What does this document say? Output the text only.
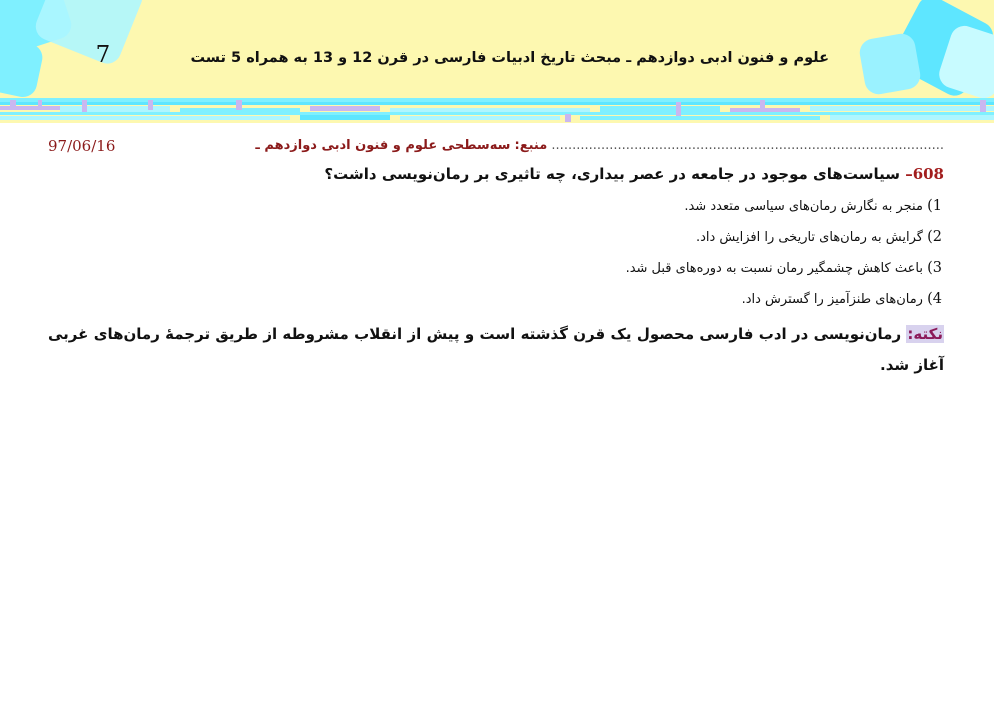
7	علوم و فنون ادبی دوازدهم ـ مبحث تاریخ ادبیات فارسی در قرن 12 و 13 به همراه 5 تست
............................................................................................... منبع: سه‌سطحی علوم و فنون ادبی دوازدهم ـ
97/06/16
608– سیاست‌های موجود در جامعه در عصر بیداری، چه تاثیری بر رمان‌نویسی داشت؟
1) منجر به نگارش رمان‌های سیاسی متعدد شد.
2) گرایش به رمان‌های تاریخی را افزایش داد.
3) باعث کاهش چشمگیر رمان نسبت به دوره‌های قبل شد.
4) رمان‌های طنزآمیز را گسترش داد.
نکته: رمان‌نویسی در ادب فارسی محصول یک قرن گذشته است و پیش از انقلاب مشروطه از طریق ترجمۀ رمان‌های غربی آغاز شد.
